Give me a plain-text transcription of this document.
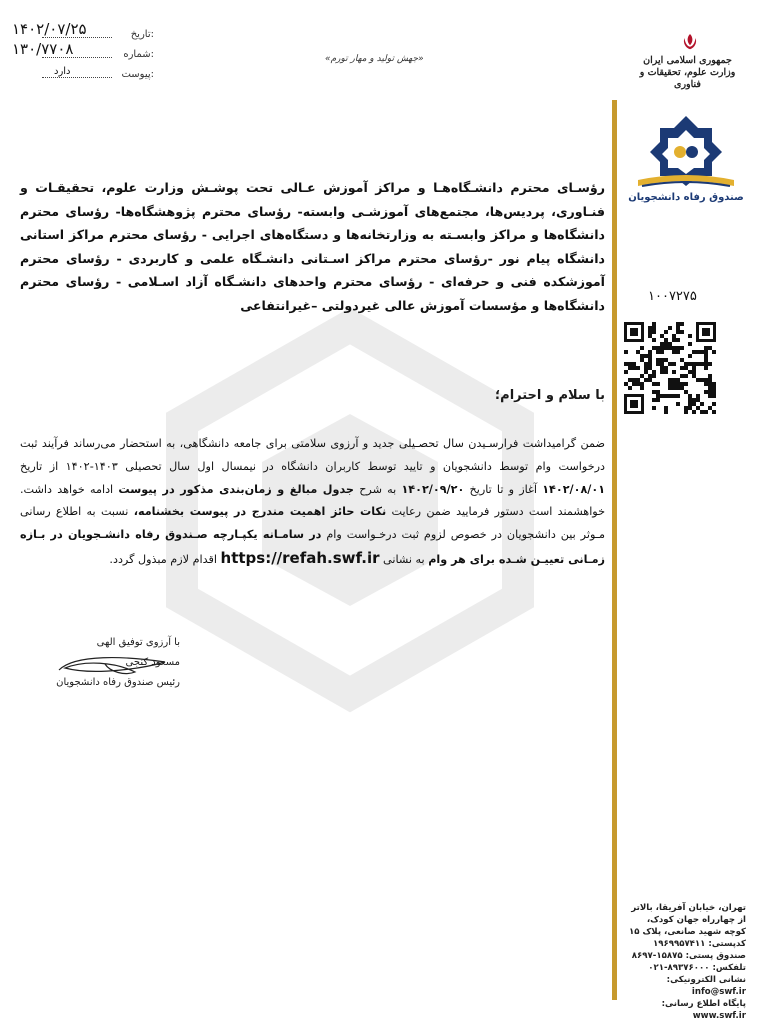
۱۴۰۲/۰۷/۲۵	تاریخ:
۱۳۰/۷۷۰۸	شماره:
دارد	پیوست:
«جهش تولید و مهار تورم»	جمهوری اسلامی ایران
وزارت علوم، تحقیقات و فناوری
صندوق رفاه دانشجویان
۱۰۰۷۲۷۵
رؤسـای محترم دانشـگاه‌هـا و مراکز آموزش عـالی تحت پوشـش وزارت علوم، تحقیقـات و فنـاوری، پردیس‌ها، مجتمع‌های آموزشـی وابسته- رؤسای محترم پژوهشگاه‌ها- رؤسای محترم دانشگاه‌ها و مراکز وابسـته به وزارتخانه‌ها و دستگاه‌های اجرایی - رؤسای محترم مراکز استانی دانشگاه پیام نور -رؤسای محترم مراکز اسـتانی دانشـگاه علمی و کاربردی - رؤسای محترم آموزشکده فنی و حرفه‌ای - رؤسای محترم واحدهای دانشـگاه آزاد اسـلامی - رؤسای محترم دانشگاه‌ها و مؤسسات آموزش عالی غیردولتی –غیرانتفاعی
با سلام و احترام؛
ضمن گرامیداشت فرارسـیدن سال تحصـیلی جدید و آرزوی سلامتی برای جامعه دانشگاهی، به استحضار می‌رساند فرآیند ثبت درخواست وام توسط دانشجویان و تایید توسط کاربران دانشگاه در نیمسال اول سال تحصیلی ۱۴۰۳-۱۴۰۲ از تاریخ ۱۴۰۲/۰۸/۰۱ آغاز و تا تاریخ ۱۴۰۲/۰۹/۲۰ به شرح جدول مبالغ و زمان‌بندی مذکور در پیوست ادامه خواهد داشت. خواهشمند است دستور فرمایید ضمن رعایت نکات حائز اهمیت مندرج در پیوست بخشنامه، نسبت به اطلاع رسانی مـوثر بین دانشجویان در خصوص لزوم ثبت درخـواست وام در سامـانه یکپـارچه صـندوق رفاه دانشـجویان در بـازه زمـانی تعییـن شـده برای هر وام به نشانی https://refah.swf.ir اقدام لازم مبذول گردد.
با آرزوی توفیق الهی
مسعود کنجی
رئیس صندوق رفاه دانشجویان
تهران، خیابان آفریقا، بالاتر
از چهارراه جهان کودک،
کوچه شهید صانعی، پلاک ۱۵
کدپستی: ۱۹۶۹۹۵۷۴۱۱
صندوق پستی: ۱۵۸۷۵-۸۶۹۷
تلفکس: ۸۹۳۷۶۰۰۰-۰۲۱
نشانی الکترونیکی:
info@swf.ir
پایگاه اطلاع رسانی:
www.swf.ir
